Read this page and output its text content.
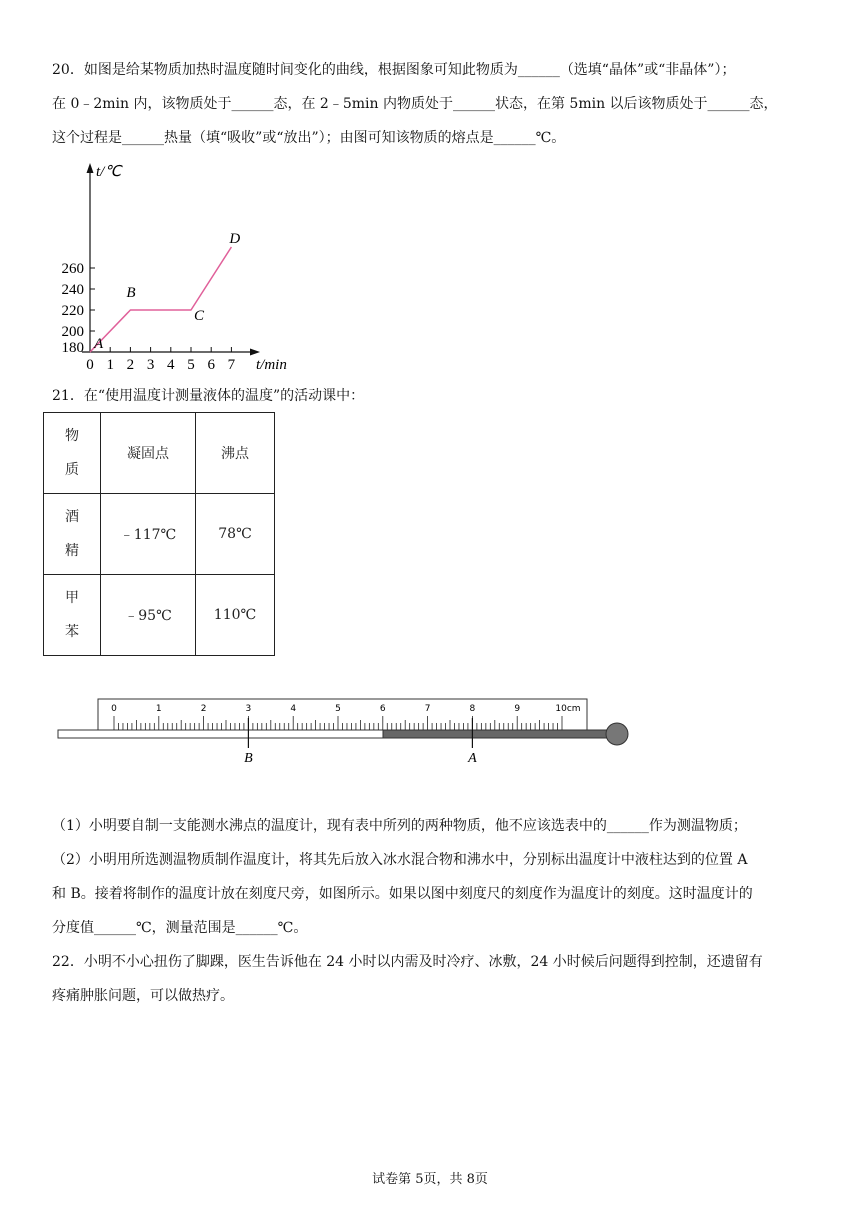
20．如图是给某物质加热时温度随时间变化的曲线，根据图象可知此物质为______（选填“晶体”或“非晶体”）；
在 0﹣2min 内，该物质处于______态，在 2﹣5min 内物质处于______状态，在第 5min 以后该物质处于______态，
这个过程是______热量（填“吸收”或“放出”）；由图可知该物质的熔点是______℃。
t/℃
t/min
0 1 2 3 4 5 6 7
180
200
220
240
260
A
B
C
D
21．在“使用温度计测量液体的温度”的活动课中：
物
质	凝固点	沸点

酒
精	﹣117℃	78℃

甲
苯	﹣95℃	110℃
0	1	2	3	4	5	6	7	8	9	10cm
B	A
（1）小明要自制一支能测水沸点的温度计，现有表中所列的两种物质，他不应该选表中的______作为测温物质；
（2）小明用所选测温物质制作温度计，将其先后放入冰水混合物和沸水中，分别标出温度计中液柱达到的位置 A
和 B。接着将制作的温度计放在刻度尺旁，如图所示。如果以图中刻度尺的刻度作为温度计的刻度。这时温度计的
分度值______℃，测量范围是______℃。
22．小明不小心扭伤了脚踝，医生告诉他在 24 小时以内需及时冷疗、冰敷，24 小时候后问题得到控制，还遗留有
疼痛肿胀问题，可以做热疗。
试卷第 5页，共 8页
